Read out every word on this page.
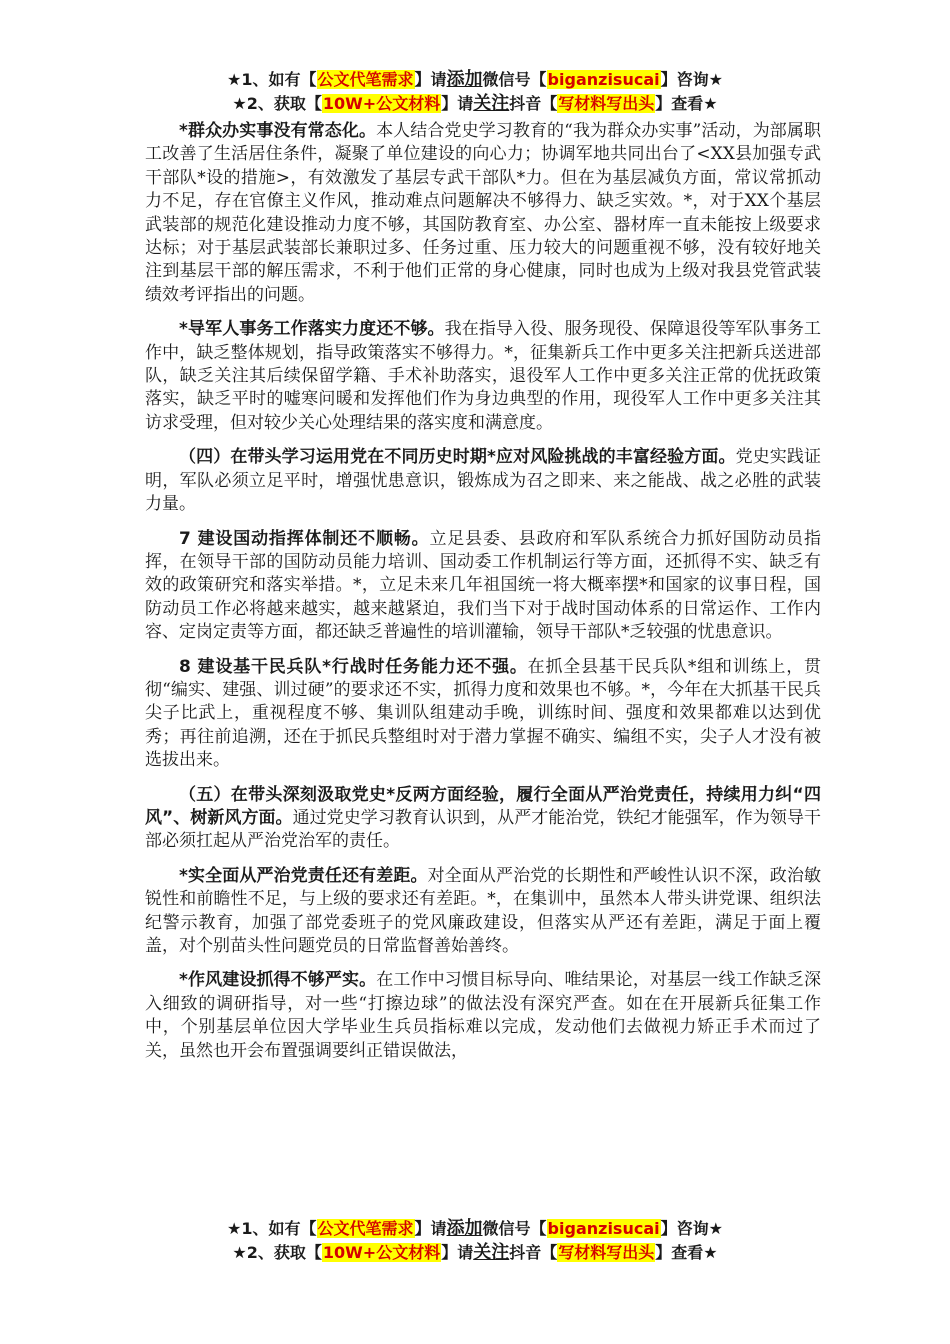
★1、如有【公文代笔需求】请添加微信号【biganzisucai】咨询★
★2、获取【10W+公文材料】请关注抖音【写材料写出头】查看★

*群众办实事没有常态化。本人结合党史学习教育的“我为群众办实事”活动，为部属职工改善了生活居住条件，凝聚了单位建设的向心力；协调军地共同出台了<XX县加强专武干部队*设的措施>，有效激发了基层专武干部队*力。但在为基层减负方面，常议常抓动力不足，存在官僚主义作风，推动难点问题解决不够得力、缺乏实效。*，对于XX个基层武装部的规范化建设推动力度不够，其国防教育室、办公室、器材库一直未能按上级要求达标；对于基层武装部长兼职过多、任务过重、压力较大的问题重视不够，没有较好地关注到基层干部的解压需求，不利于他们正常的身心健康，同时也成为上级对我县党管武装绩效考评指出的问题。

*导军人事务工作落实力度还不够。我在指导入役、服务现役、保障退役等军队事务工作中，缺乏整体规划，指导政策落实不够得力。*，征集新兵工作中更多关注把新兵送进部队，缺乏关注其后续保留学籍、手术补助落实，退役军人工作中更多关注正常的优抚政策落实，缺乏平时的嘘寒问暖和发挥他们作为身边典型的作用，现役军人工作中更多关注其访求受理，但对较少关心处理结果的落实度和满意度。

（四）在带头学习运用党在不同历史时期*应对风险挑战的丰富经验方面。党史实践证明，军队必须立足平时，增强忧患意识，锻炼成为召之即来、来之能战、战之必胜的武装力量。

7 建设国动指挥体制还不顺畅。立足县委、县政府和军队系统合力抓好国防动员指挥，在领导干部的国防动员能力培训、国动委工作机制运行等方面，还抓得不实、缺乏有效的政策研究和落实举措。*，立足未来几年祖国统一将大概率摆*和国家的议事日程，国防动员工作必将越来越实，越来越紧迫，我们当下对于战时国动体系的日常运作、工作内容、定岗定责等方面，都还缺乏普遍性的培训灌输，领导干部队*乏较强的忧患意识。

8 建设基干民兵队*行战时任务能力还不强。在抓全县基干民兵队*组和训练上，贯彻“编实、建强、训过硬”的要求还不实，抓得力度和效果也不够。*，今年在大抓基干民兵尖子比武上，重视程度不够、集训队组建动手晚，训练时间、强度和效果都难以达到优秀；再往前追溯，还在于抓民兵整组时对于潜力掌握不确实、编组不实，尖子人才没有被选拔出来。

（五）在带头深刻汲取党史*反两方面经验，履行全面从严治党责任，持续用力纠“四风”、树新风方面。通过党史学习教育认识到，从严才能治党，铁纪才能强军，作为领导干部必须扛起从严治党治军的责任。

*实全面从严治党责任还有差距。对全面从严治党的长期性和严峻性认识不深，政治敏锐性和前瞻性不足，与上级的要求还有差距。*，在集训中，虽然本人带头讲党课、组织法纪警示教育，加强了部党委班子的党风廉政建设，但落实从严还有差距，满足于面上覆盖，对个别苗头性问题党员的日常监督善始善终。

*作风建设抓得不够严实。在工作中习惯目标导向、唯结果论，对基层一线工作缺乏深入细致的调研指导，对一些“打擦边球”的做法没有深究严查。如在在开展新兵征集工作中，个别基层单位因大学毕业生兵员指标难以完成，发动他们去做视力矫正手术而过了关，虽然也开会布置强调要纠正错误做法，

★1、如有【公文代笔需求】请添加微信号【biganzisucai】咨询★
★2、获取【10W+公文材料】请关注抖音【写材料写出头】查看★
